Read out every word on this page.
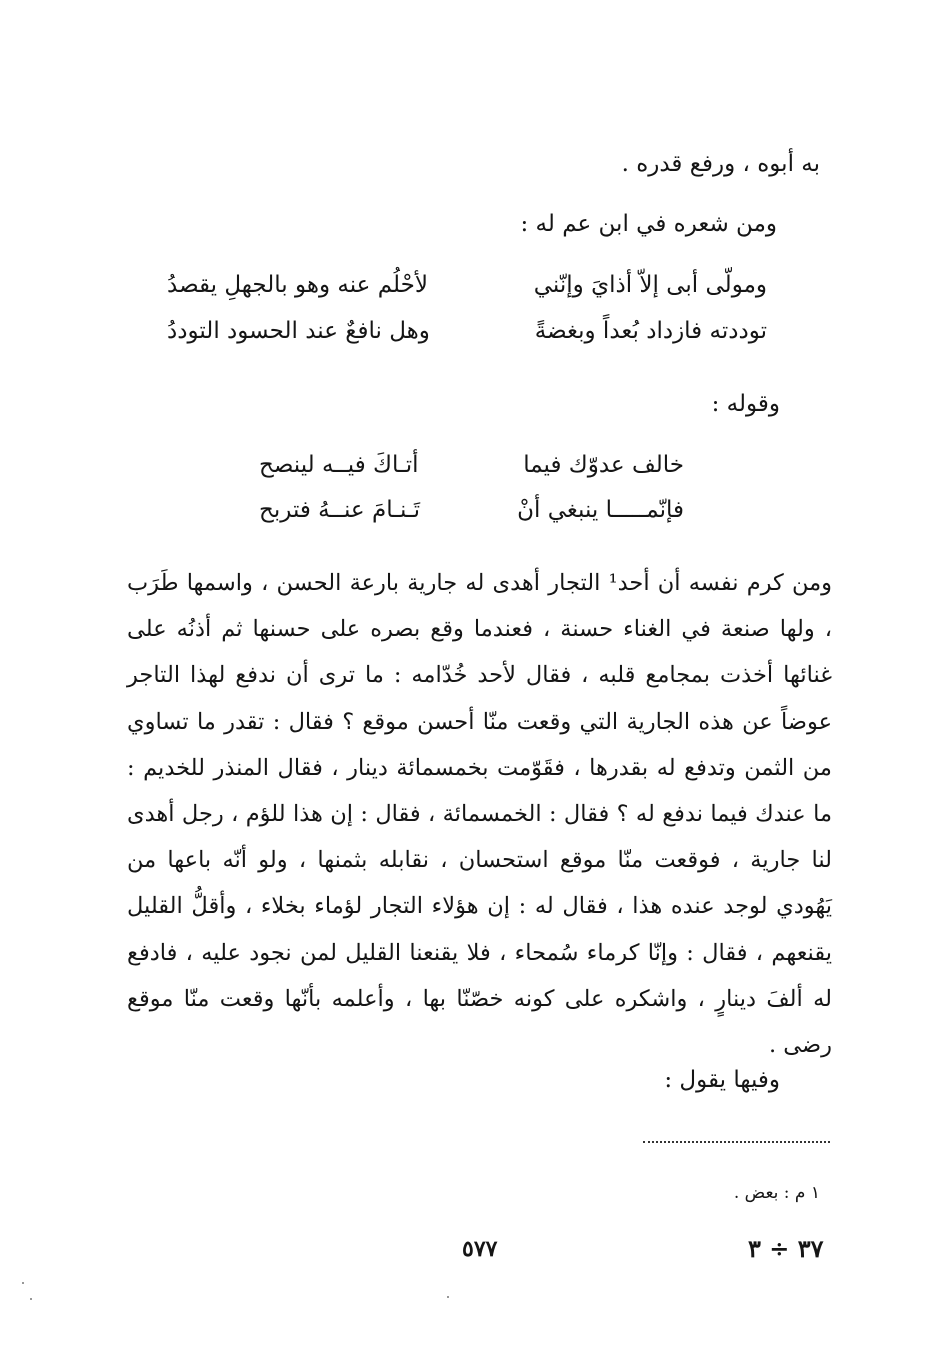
به أبوه ، ورفع قدره .
ومن شعره في ابن عم له :
ومولّى أبى إلاّ أذايَ وإنّني
لأحْلُم عنه وهو بالجهلِ يقصدُ
توددته فازداد بُعداً وبغضةً
وهل نافعٌ عند الحسود التوددُ
وقوله :
خالف عدوّك فيما
أتـاكَ فيــه لينصح
فإنّمـــــا ينبغي أنْ
تَـنـامَ عنــهُ فتربح

ومن كرم نفسه أن أحد¹ التجار أهدى له جارية بارعة الحسن ، واسمها طَرَب ، ولها صنعة في الغناء حسنة ، فعندما وقع بصره على حسنها ثم أذنُه على غنائها أخذت بمجامع قلبه ، فقال لأحد خُدّامه : ما ترى أن ندفع لهذا التاجر عوضاً عن هذه الجارية التي وقعت منّا أحسن موقع ؟ فقال : تقدر ما تساوي من الثمن وتدفع له بقدرها ، فقَوّمت بخمسمائة دينار ، فقال المنذر للخديم : ما عندك فيما ندفع له ؟ فقال : الخمسمائة ، فقال : إن هذا للؤم ، رجل أهدى لنا جارية ، فوقعت منّا موقع استحسان ، نقابله بثمنها ، ولو أنّه باعها من يَهُودي لوجد عنده هذا ، فقال له : إن هؤلاء التجار لؤماء بخلاء ، وأقلُّ القليل يقنعهم ، فقال : وإنّا كرماء سُمحاء ، فلا يقنعنا القليل لمن نجود عليه ، فادفع له ألفَ دينارٍ ، واشكره على كونه خصّنّا بها ، وأعلمه بأنّها وقعت منّا موقع رضى .

وفيها يقول :
١ م : بعض .
٥٧٧	٣٧ ÷ ٣
